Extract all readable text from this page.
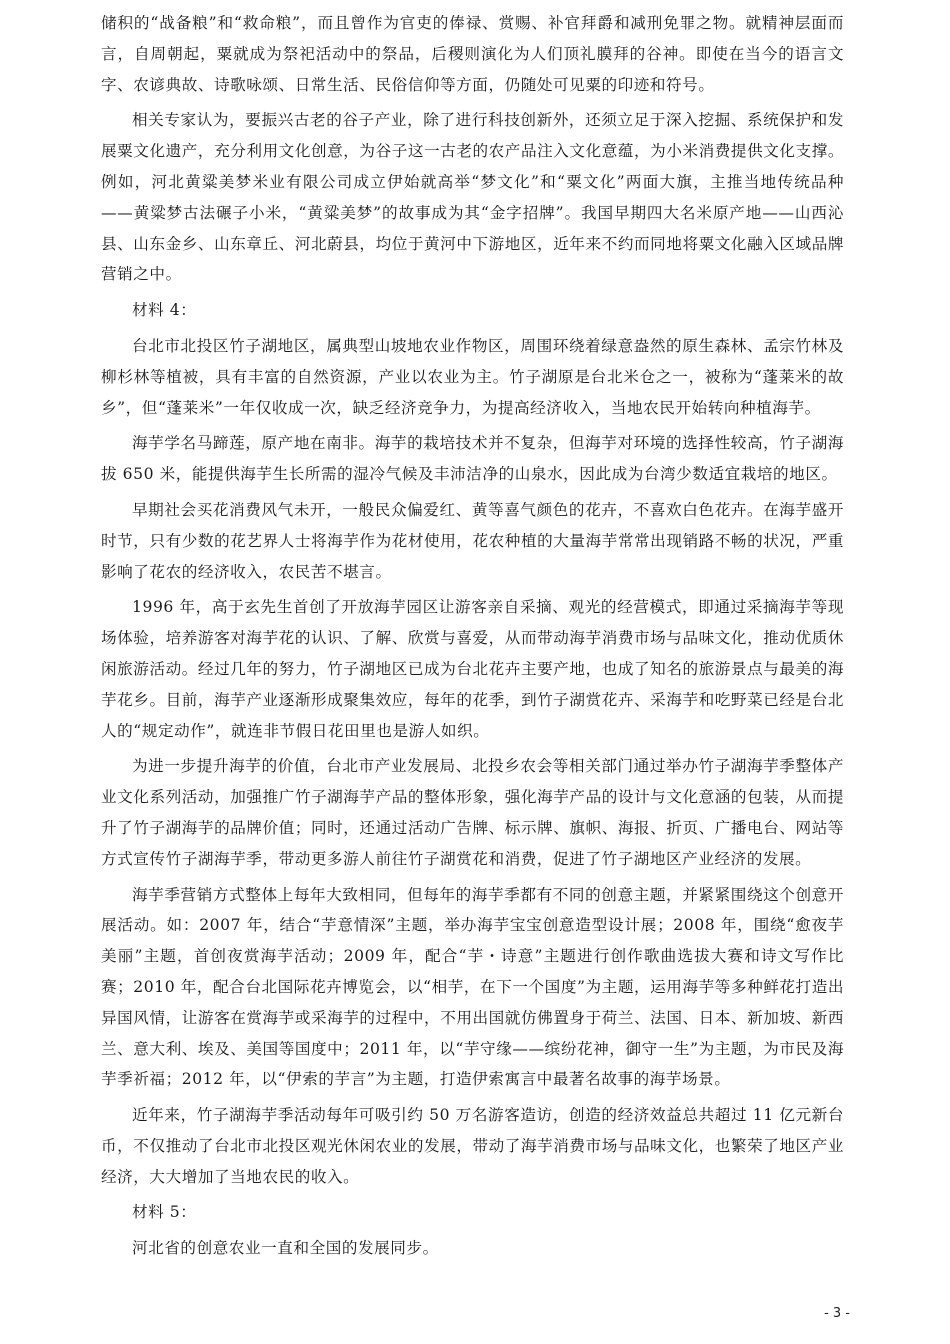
储积的“战备粮”和“救命粮”，而且曾作为官吏的俸禄、赏赐、补官拜爵和减刑免罪之物。就精神层面而言，自周朝起，粟就成为祭祀活动中的祭品，后稷则演化为人们顶礼膜拜的谷神。即使在当今的语言文字、农谚典故、诗歌咏颂、日常生活、民俗信仰等方面，仍随处可见粟的印迹和符号。

相关专家认为，要振兴古老的谷子产业，除了进行科技创新外，还须立足于深入挖掘、系统保护和发展粟文化遗产，充分利用文化创意，为谷子这一古老的农产品注入文化意蕴，为小米消费提供文化支撑。例如，河北黄粱美梦米业有限公司成立伊始就高举“梦文化”和“粟文化”两面大旗，主推当地传统品种——黄粱梦古法碾子小米，“黄粱美梦”的故事成为其“金字招牌”。我国早期四大名米原产地——山西沁县、山东金乡、山东章丘、河北蔚县，均位于黄河中下游地区，近年来不约而同地将粟文化融入区域品牌营销之中。

材料 4：

台北市北投区竹子湖地区，属典型山坡地农业作物区，周围环绕着绿意盎然的原生森林、孟宗竹林及柳杉林等植被，具有丰富的自然资源，产业以农业为主。竹子湖原是台北米仓之一，被称为“蓬莱米的故乡”，但“蓬莱米”一年仅收成一次，缺乏经济竞争力，为提高经济收入，当地农民开始转向种植海芋。

海芋学名马蹄莲，原产地在南非。海芋的栽培技术并不复杂，但海芋对环境的选择性较高，竹子湖海拔 650 米，能提供海芋生长所需的湿冷气候及丰沛洁净的山泉水，因此成为台湾少数适宜栽培的地区。

早期社会买花消费风气未开，一般民众偏爱红、黄等喜气颜色的花卉，不喜欢白色花卉。在海芋盛开时节，只有少数的花艺界人士将海芋作为花材使用，花农种植的大量海芋常常出现销路不畅的状况，严重影响了花农的经济收入，农民苦不堪言。

1996 年，高于玄先生首创了开放海芋园区让游客亲自采摘、观光的经营模式，即通过采摘海芋等现场体验，培养游客对海芋花的认识、了解、欣赏与喜爱，从而带动海芋消费市场与品味文化，推动优质休闲旅游活动。经过几年的努力，竹子湖地区已成为台北花卉主要产地，也成了知名的旅游景点与最美的海芋花乡。目前，海芋产业逐渐形成聚集效应，每年的花季，到竹子湖赏花卉、采海芋和吃野菜已经是台北人的“规定动作”，就连非节假日花田里也是游人如织。

为进一步提升海芋的价值，台北市产业发展局、北投乡农会等相关部门通过举办竹子湖海芋季整体产业文化系列活动，加强推广竹子湖海芋产品的整体形象，强化海芋产品的设计与文化意涵的包装，从而提升了竹子湖海芋的品牌价值；同时，还通过活动广告牌、标示牌、旗帜、海报、折页、广播电台、网站等方式宣传竹子湖海芋季，带动更多游人前往竹子湖赏花和消费，促进了竹子湖地区产业经济的发展。

海芋季营销方式整体上每年大致相同，但每年的海芋季都有不同的创意主题，并紧紧围绕这个创意开展活动。如：2007 年，结合“芋意情深”主题，举办海芋宝宝创意造型设计展；2008 年，围绕“愈夜芋美丽”主题，首创夜赏海芋活动；2009 年，配合“芋・诗意”主题进行创作歌曲选拔大赛和诗文写作比赛；2010 年，配合台北国际花卉博览会，以“相芋，在下一个国度”为主题，运用海芋等多种鲜花打造出异国风情，让游客在赏海芋或采海芋的过程中，不用出国就仿佛置身于荷兰、法国、日本、新加坡、新西兰、意大利、埃及、美国等国度中；2011 年，以“芋守缘——缤纷花神，御守一生”为主题，为市民及海芋季祈福；2012 年，以“伊索的芋言”为主题，打造伊索寓言中最著名故事的海芋场景。

近年来，竹子湖海芋季活动每年可吸引约 50 万名游客造访，创造的经济效益总共超过 11 亿元新台币，不仅推动了台北市北投区观光休闲农业的发展，带动了海芋消费市场与品味文化，也繁荣了地区产业经济，大大增加了当地农民的收入。

材料 5：

河北省的创意农业一直和全国的发展同步。

- 3 -
